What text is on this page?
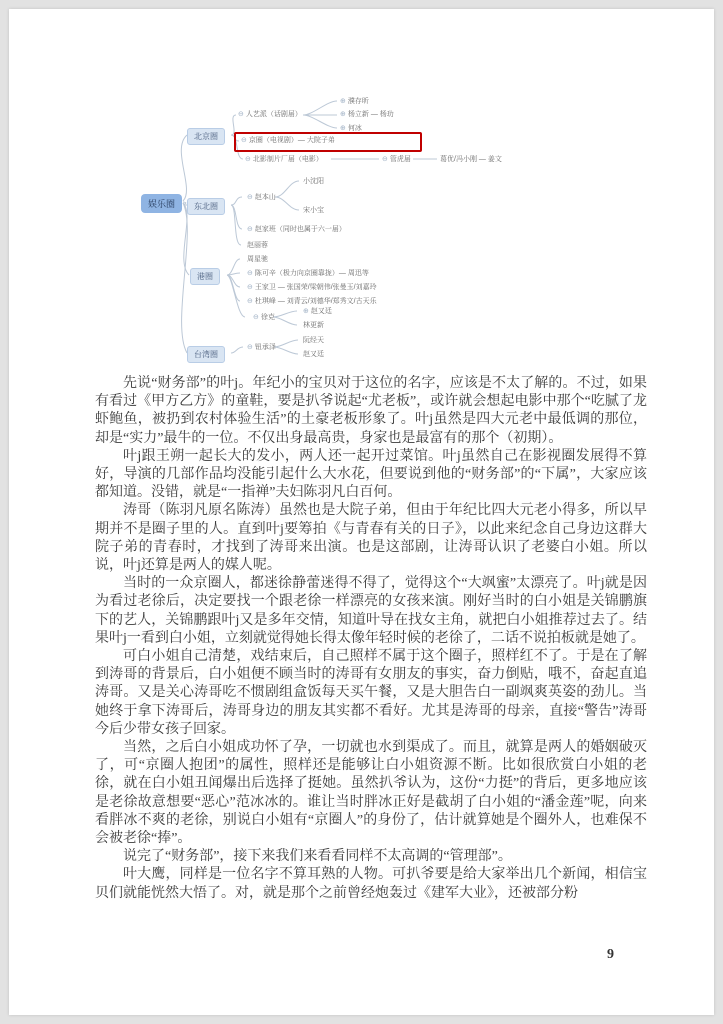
娱乐圈
北京圈
东北圈
港圈
台湾圈
⊕ 濮存昕
⊖ 人艺派（话剧届）	⊕ 杨立新 — 杨玏
⊕ 何冰
⊖ 京圈（电视剧）— 大院子弟
⊖ 北影制片厂届（电影）	⊖ 管虎届	葛优/冯小刚 — 姜文
小沈阳
⊖ 赵本山
宋小宝
⊖ 赵家班（同时也属于六一届）
赵丽蓉
周星驰
⊖ 陈可辛（极力向京圈靠拢）— 周迅等
⊖ 王家卫 — 张国荣/梁朝伟/张曼玉/刘嘉玲
⊖ 杜琪峰 — 刘青云/刘德华/郑秀文/古天乐
⊖ 徐克
⊕ 赵又廷
林更新
⊖ 钮承泽
阮经天
赵又廷

先说“财务部”的叶j。年纪小的宝贝对于这位的名字，应该是不太了解的。不过，如果有看过《甲方乙方》的童鞋，要是扒爷说起“尤老板”，或许就会想起电影中那个“吃腻了龙虾鲍鱼，被扔到农村体验生活”的土豪老板形象了。叶j虽然是四大元老中最低调的那位，却是“实力”最牛的一位。不仅出身最高贵，身家也是最富有的那个（初期）。

叶j跟王朔一起长大的发小，两人还一起开过菜馆。叶j虽然自己在影视圈发展得不算好，导演的几部作品均没能引起什么大水花，但要说到他的“财务部”的“下属”，大家应该都知道。没错，就是“一指禅”夫妇陈羽凡白百何。

涛哥（陈羽凡原名陈涛）虽然也是大院子弟，但由于年纪比四大元老小得多，所以早期并不是圈子里的人。直到叶j要筹拍《与青春有关的日子》，以此来纪念自己身边这群大院子弟的青春时，才找到了涛哥来出演。也是这部剧，让涛哥认识了老婆白小姐。所以说，叶j还算是两人的媒人呢。

当时的一众京圈人，都迷徐静蕾迷得不得了，觉得这个“大飒蜜”太漂亮了。叶j就是因为看过老徐后，决定要找一个跟老徐一样漂亮的女孩来演。刚好当时的白小姐是关锦鹏旗下的艺人，关锦鹏跟叶j又是多年交情，知道叶导在找女主角，就把白小姐推荐过去了。结果叶j一看到白小姐，立刻就觉得她长得太像年轻时候的老徐了，二话不说拍板就是她了。

可白小姐自己清楚，戏结束后，自己照样不属于这个圈子，照样红不了。于是在了解到涛哥的背景后，白小姐便不顾当时的涛哥有女朋友的事实，奋力倒贴，哦不，奋起直追涛哥。又是关心涛哥吃不惯剧组盒饭每天买午餐，又是大胆告白一副飒爽英姿的劲儿。当她终于拿下涛哥后，涛哥身边的朋友其实都不看好。尤其是涛哥的母亲，直接“警告”涛哥今后少带女孩子回家。

当然，之后白小姐成功怀了孕，一切就也水到渠成了。而且，就算是两人的婚姻破灭了，可“京圈人抱团”的属性，照样还是能够让白小姐资源不断。比如很欣赏白小姐的老徐，就在白小姐丑闻爆出后选择了挺她。虽然扒爷认为，这份“力挺”的背后，更多地应该是老徐故意想要“恶心”范冰冰的。谁让当时胖冰正好是截胡了白小姐的“潘金莲”呢，向来看胖冰不爽的老徐，别说白小姐有“京圈人”的身份了，估计就算她是个圈外人，也难保不会被老徐“捧”。

说完了“财务部”，接下来我们来看看同样不太高调的“管理部”。

叶大鹰，同样是一位名字不算耳熟的人物。可扒爷要是给大家举出几个新闻，相信宝贝们就能恍然大悟了。对，就是那个之前曾经炮轰过《建军大业》，还被部分粉

9
